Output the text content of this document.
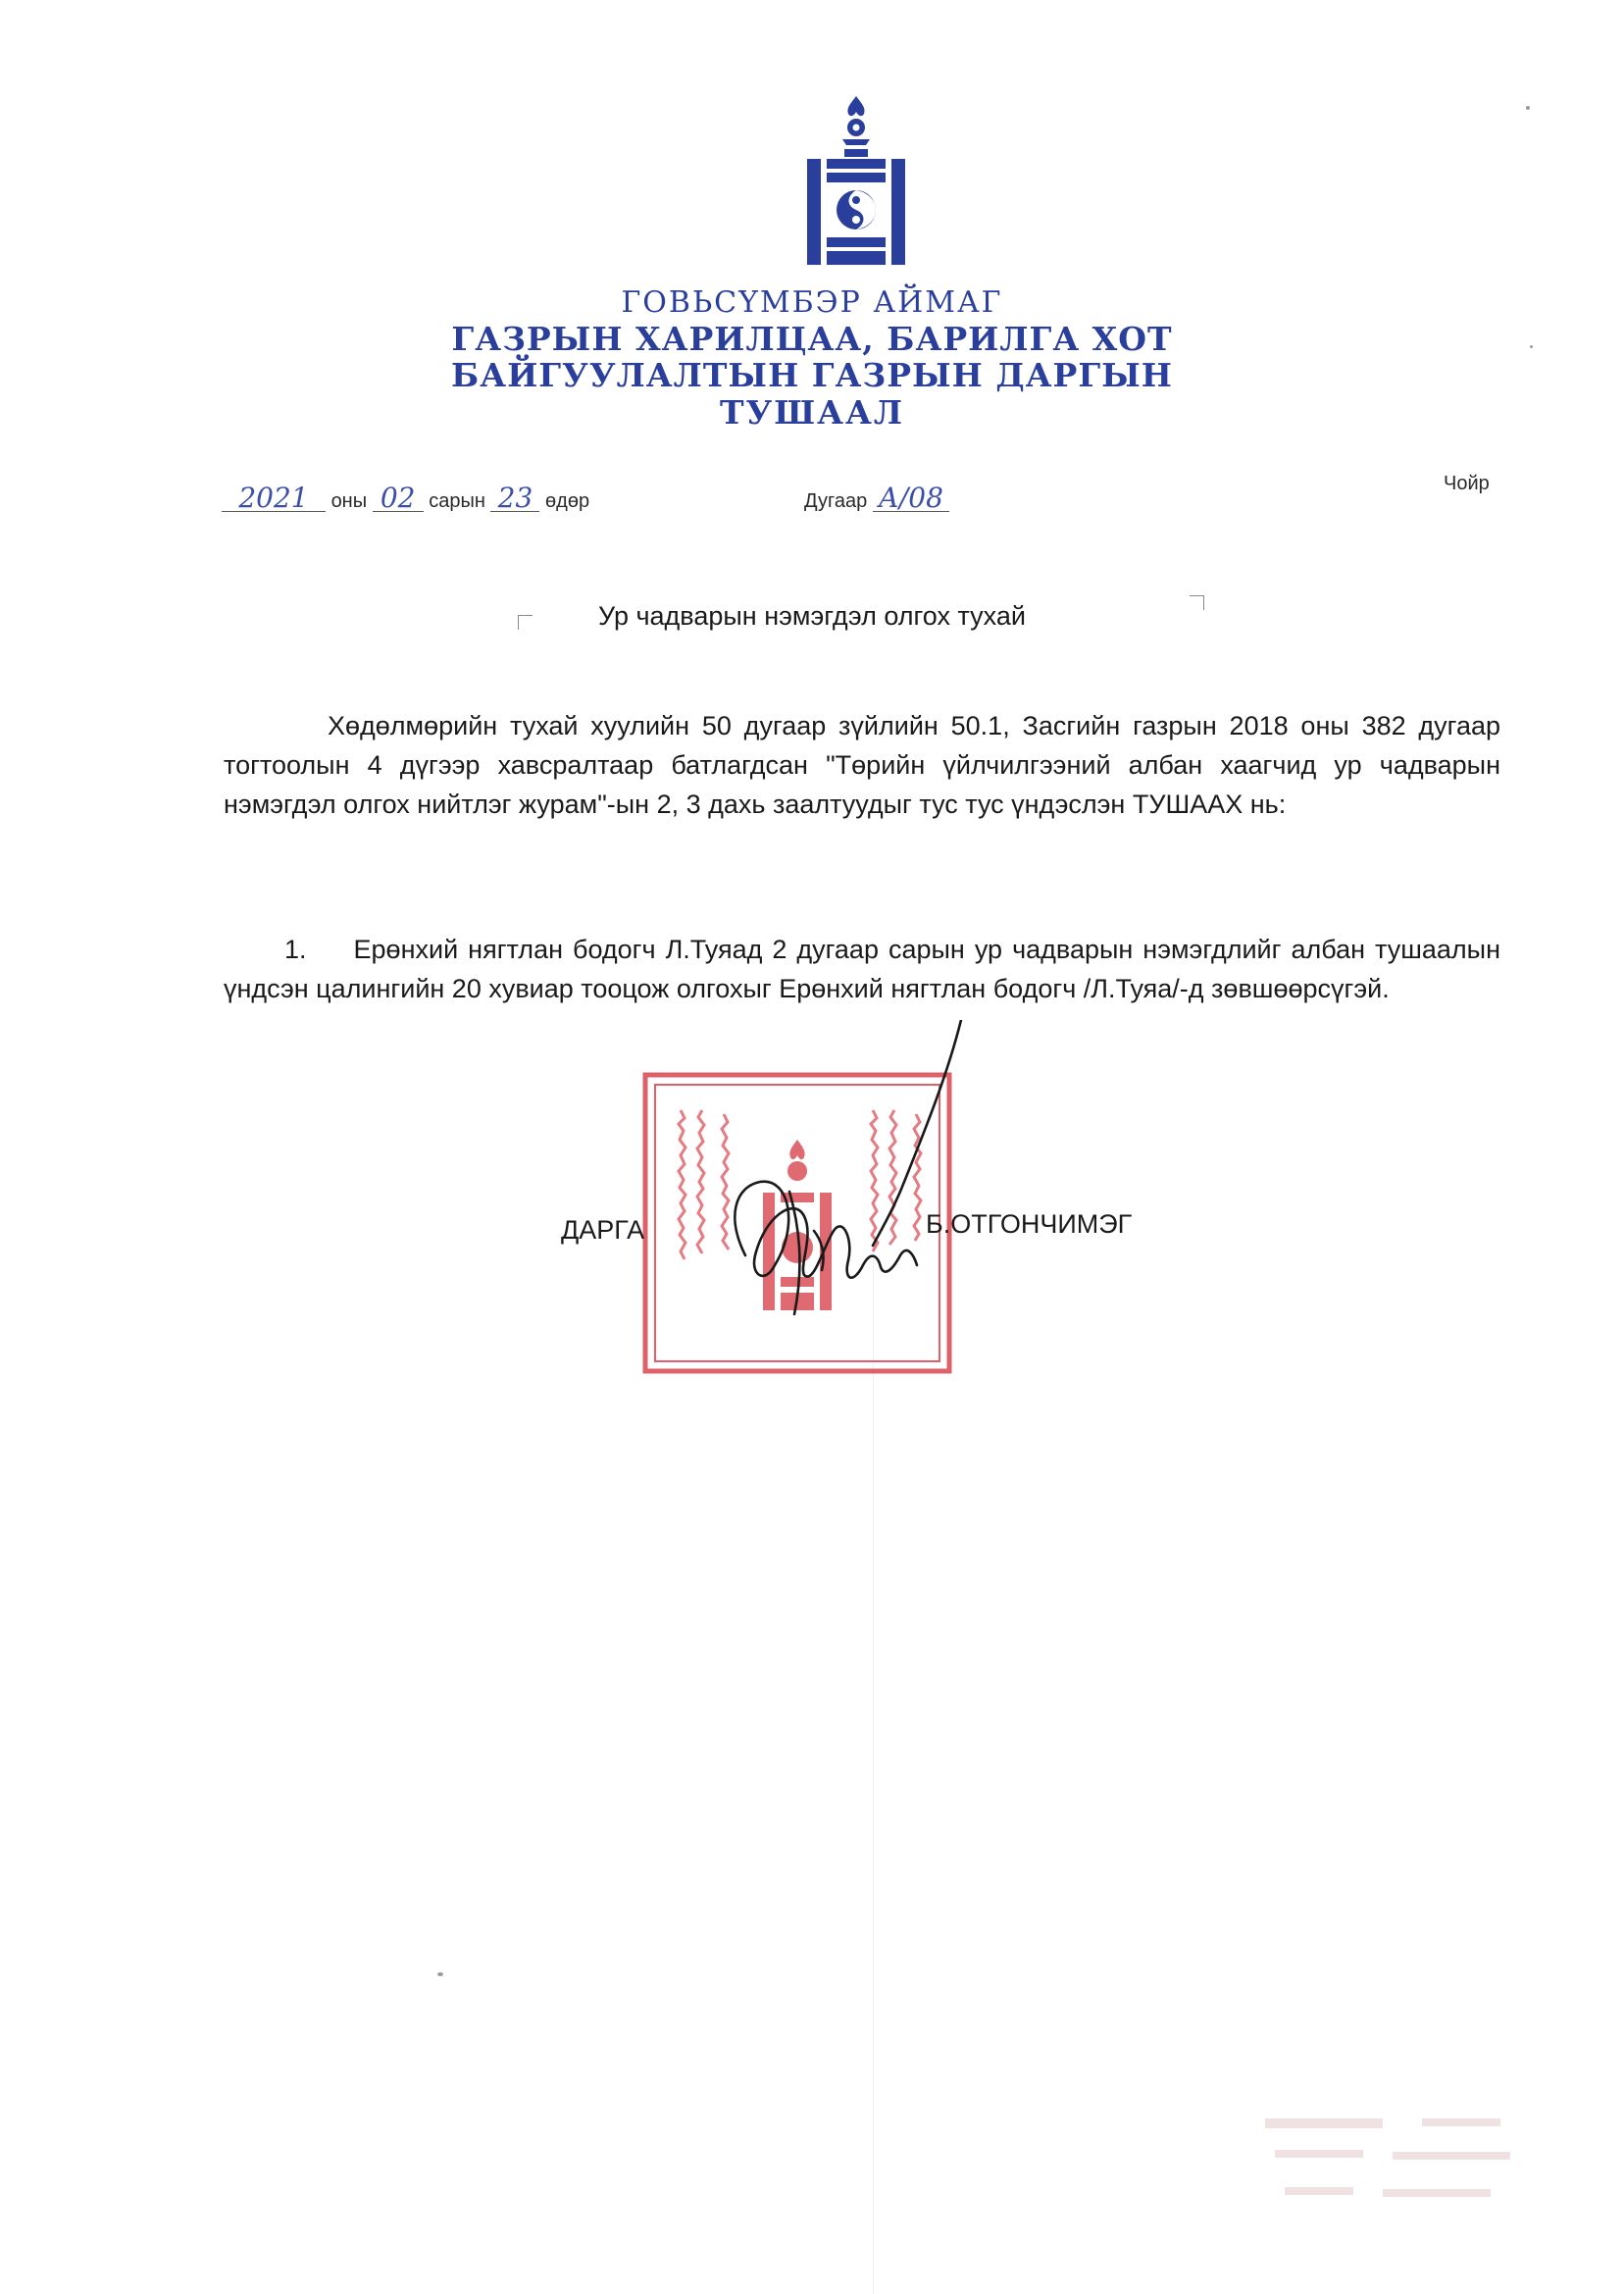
ГОВЬСҮМБЭР АЙМАГ
ГАЗРЫН ХАРИЛЦАА, БАРИЛГА ХОТ
БАЙГУУЛАЛТЫН ГАЗРЫН ДАРГЫН
ТУШААЛ
2021 оны 02 сарын 23 өдөр	Дугаар А/08	Чойр
Ур чадварын нэмэгдэл олгох тухай
Хөдөлмөрийн тухай хуулийн 50 дугаар зүйлийн 50.1, Засгийн газрын 2018 оны 382 дугаар тогтоолын 4 дүгээр хавсралтаар батлагдсан "Төрийн үйлчилгээний албан хаагчид ур чадварын нэмэгдэл олгох нийтлэг журам"-ын 2, 3 дахь заалтуудыг тус тус үндэслэн ТУШААХ нь:
1. Ерөнхий нягтлан бодогч Л.Туяад 2 дугаар сарын ур чадварын нэмэгдлийг албан тушаалын үндсэн цалингийн 20 хувиар тооцож олгохыг Ерөнхий нягтлан бодогч /Л.Туяа/-д зөвшөөрсүгэй.
ДАРГА	Б.ОТГОНЧИМЭГ
